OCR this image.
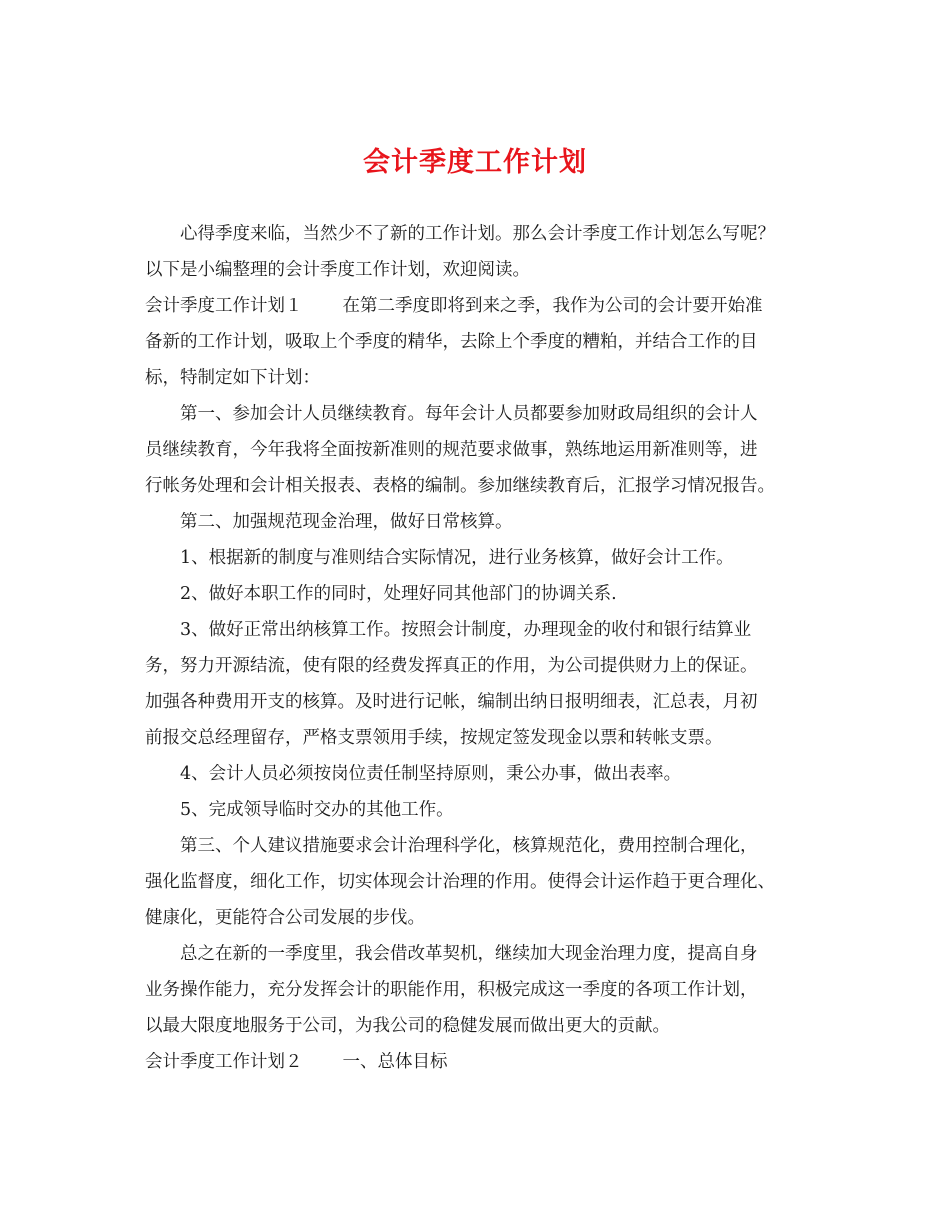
会计季度工作计划
心得季度来临，当然少不了新的工作计划。那么会计季度工作计划怎么写呢？
以下是小编整理的会计季度工作计划，欢迎阅读。
会计季度工作计划１ 在第二季度即将到来之季，我作为公司的会计要开始准
备新的工作计划，吸取上个季度的精华，去除上个季度的糟粕，并结合工作的目
标，特制定如下计划：
第一、参加会计人员继续教育。每年会计人员都要参加财政局组织的会计人
员继续教育，今年我将全面按新准则的规范要求做事，熟练地运用新准则等，进
行帐务处理和会计相关报表、表格的编制。参加继续教育后，汇报学习情况报告。
第二、加强规范现金治理，做好日常核算。
1、根据新的制度与准则结合实际情况，进行业务核算，做好会计工作。
2、做好本职工作的同时，处理好同其他部门的协调关系.
3、做好正常出纳核算工作。按照会计制度，办理现金的收付和银行结算业
务，努力开源结流，使有限的经费发挥真正的作用，为公司提供财力上的保证。
加强各种费用开支的核算。及时进行记帐，编制出纳日报明细表，汇总表，月初
前报交总经理留存，严格支票领用手续，按规定签发现金以票和转帐支票。
4、会计人员必须按岗位责任制坚持原则，秉公办事，做出表率。
5、完成领导临时交办的其他工作。
第三、个人建议措施要求会计治理科学化，核算规范化，费用控制合理化，
强化监督度，细化工作，切实体现会计治理的作用。使得会计运作趋于更合理化、
健康化，更能符合公司发展的步伐。
总之在新的一季度里，我会借改革契机，继续加大现金治理力度，提高自身
业务操作能力，充分发挥会计的职能作用，积极完成这一季度的各项工作计划，
以最大限度地服务于公司，为我公司的稳健发展而做出更大的贡献。
会计季度工作计划２ 一、总体目标
